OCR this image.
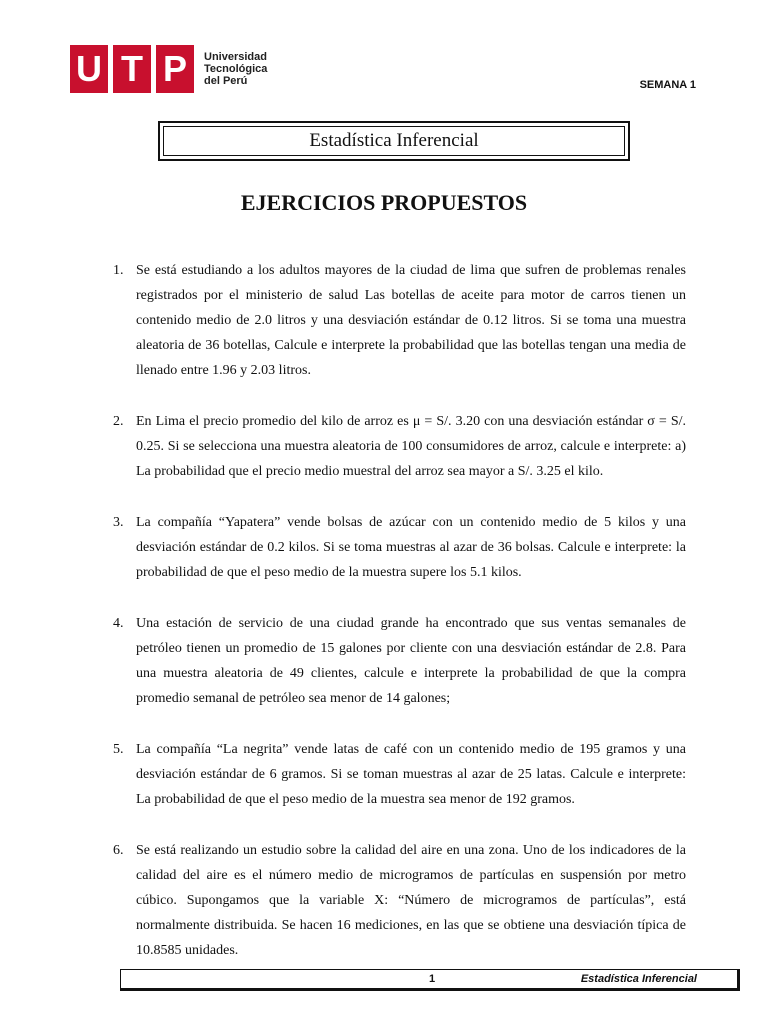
U T P	Universidad
Tecnológica
del Perú	SEMANA 1
Estadística Inferencial
EJERCICIOS PROPUESTOS
1. Se está estudiando a los adultos mayores de la ciudad de lima que sufren de problemas renales registrados por el ministerio de salud Las botellas de aceite para motor de carros tienen un contenido medio de 2.0 litros y una desviación estándar de 0.12 litros. Si se toma una muestra aleatoria de 36 botellas, Calcule e interprete la probabilidad que las botellas tengan una media de llenado entre 1.96 y 2.03 litros.
2. En Lima el precio promedio del kilo de arroz es μ = S/. 3.20 con una desviación estándar σ = S/. 0.25. Si se selecciona una muestra aleatoria de 100 consumidores de arroz, calcule e interprete: a) La probabilidad que el precio medio muestral del arroz sea mayor a S/. 3.25 el kilo.
3. La compañía “Yapatera” vende bolsas de azúcar con un contenido medio de 5 kilos y una desviación estándar de 0.2 kilos. Si se toma muestras al azar de 36 bolsas. Calcule e interprete: la probabilidad de que el peso medio de la muestra supere los 5.1 kilos.
4. Una estación de servicio de una ciudad grande ha encontrado que sus ventas semanales de petróleo tienen un promedio de 15 galones por cliente con una desviación estándar de 2.8. Para una muestra aleatoria de 49 clientes, calcule e interprete la probabilidad de que la compra promedio semanal de petróleo sea menor de 14 galones;
5. La compañía “La negrita” vende latas de café con un contenido medio de 195 gramos y una desviación estándar de 6 gramos. Si se toman muestras al azar de 25 latas. Calcule e interprete: La probabilidad de que el peso medio de la muestra sea menor de 192 gramos.
6. Se está realizando un estudio sobre la calidad del aire en una zona. Uno de los indicadores de la calidad del aire es el número medio de microgramos de partículas en suspensión por metro cúbico. Supongamos que la variable X: “Número de microgramos de partículas”, está normalmente distribuida. Se hacen 16 mediciones, en las que se obtiene una desviación típica de 10.8585 unidades.
1	Estadística Inferencial
